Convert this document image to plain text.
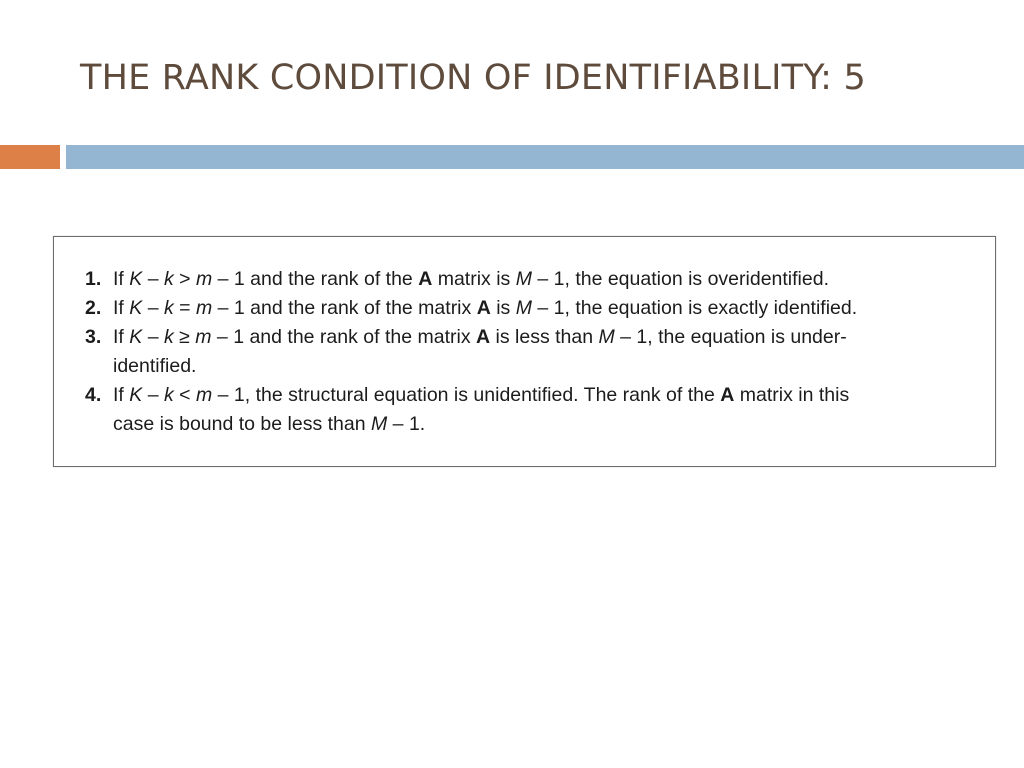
THE RANK CONDITION OF IDENTIFIABILITY: 5
1. If K – k > m – 1 and the rank of the A matrix is M – 1, the equation is overidentified.
2. If K – k = m – 1 and the rank of the matrix A is M – 1, the equation is exactly identified.
3. If K – k ≥ m – 1 and the rank of the matrix A is less than M – 1, the equation is under-
identified.
4. If K – k < m – 1, the structural equation is unidentified. The rank of the A matrix in this
case is bound to be less than M – 1.
